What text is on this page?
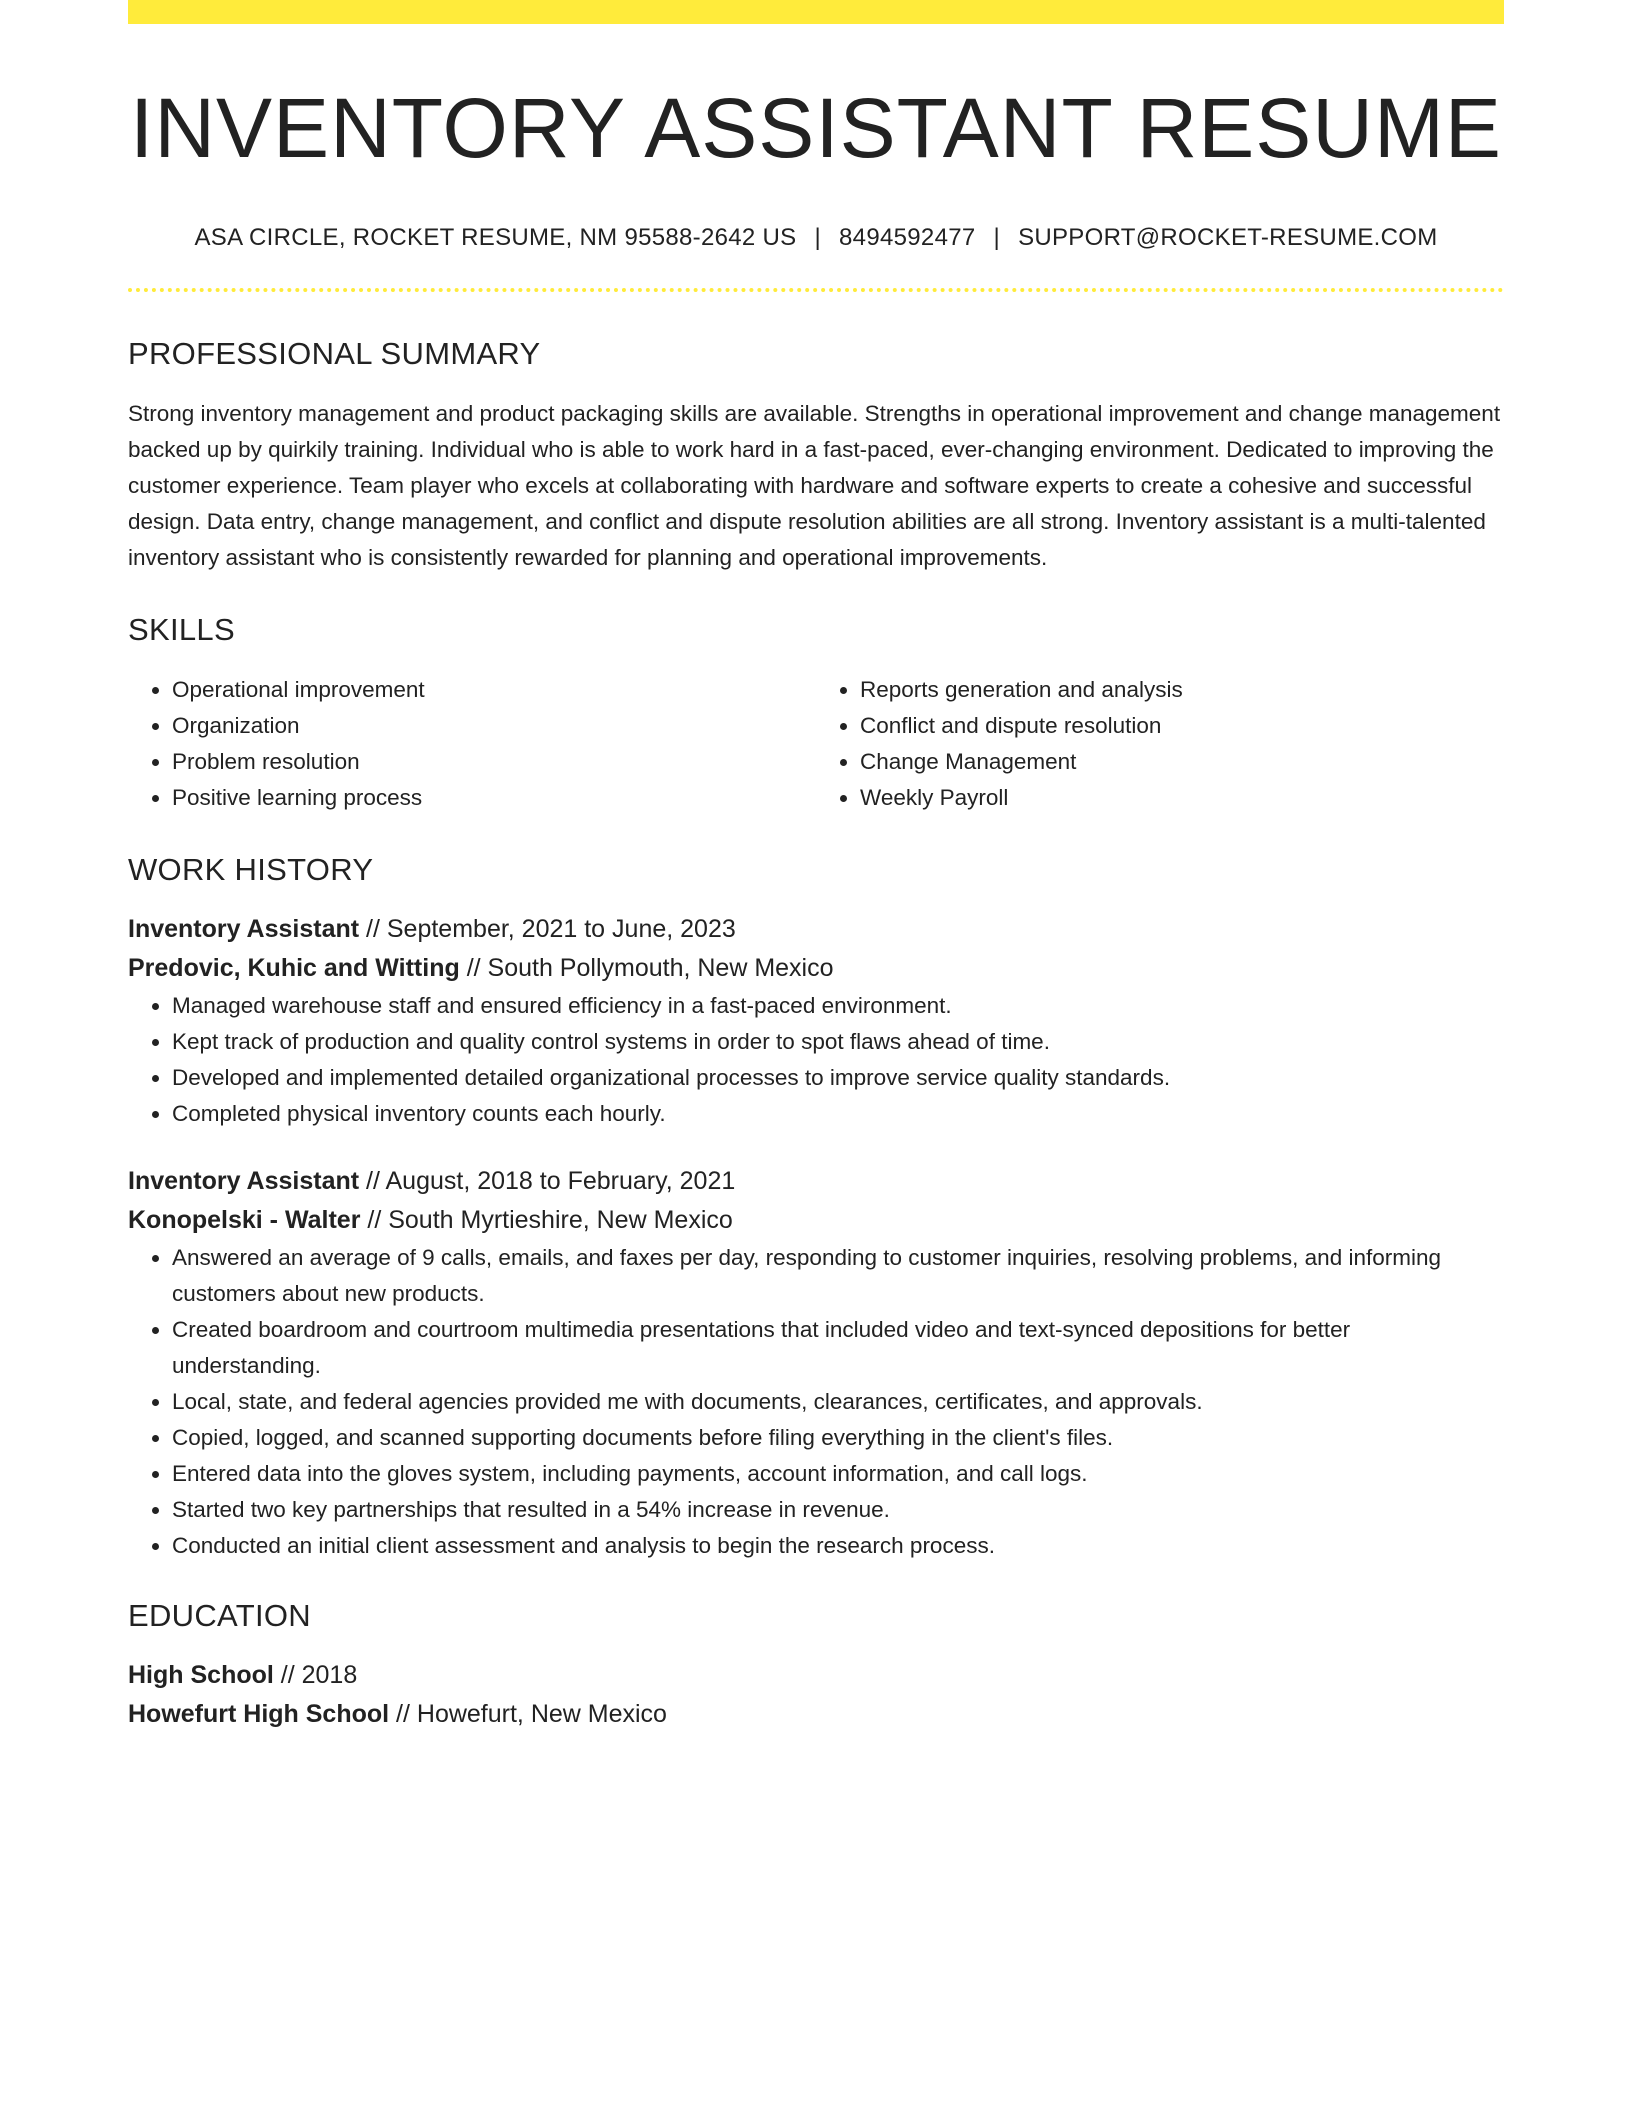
INVENTORY ASSISTANT RESUME
ASA CIRCLE, ROCKET RESUME, NM 95588-2642 US | 8494592477 | SUPPORT@ROCKET-RESUME.COM
PROFESSIONAL SUMMARY
Strong inventory management and product packaging skills are available. Strengths in operational improvement and change management backed up by quirkily training. Individual who is able to work hard in a fast-paced, ever-changing environment. Dedicated to improving the customer experience. Team player who excels at collaborating with hardware and software experts to create a cohesive and successful design. Data entry, change management, and conflict and dispute resolution abilities are all strong. Inventory assistant is a multi-talented inventory assistant who is consistently rewarded for planning and operational improvements.
SKILLS
• Operational improvement
• Organization
• Problem resolution
• Positive learning process
• Reports generation and analysis
• Conflict and dispute resolution
• Change Management
• Weekly Payroll
WORK HISTORY
Inventory Assistant // September, 2021 to June, 2023
Predovic, Kuhic and Witting // South Pollymouth, New Mexico
• Managed warehouse staff and ensured efficiency in a fast-paced environment.
• Kept track of production and quality control systems in order to spot flaws ahead of time.
• Developed and implemented detailed organizational processes to improve service quality standards.
• Completed physical inventory counts each hourly.
Inventory Assistant // August, 2018 to February, 2021
Konopelski - Walter // South Myrtieshire, New Mexico
• Answered an average of 9 calls, emails, and faxes per day, responding to customer inquiries, resolving problems, and informing customers about new products.
• Created boardroom and courtroom multimedia presentations that included video and text-synced depositions for better understanding.
• Local, state, and federal agencies provided me with documents, clearances, certificates, and approvals.
• Copied, logged, and scanned supporting documents before filing everything in the client's files.
• Entered data into the gloves system, including payments, account information, and call logs.
• Started two key partnerships that resulted in a 54% increase in revenue.
• Conducted an initial client assessment and analysis to begin the research process.
EDUCATION
High School // 2018
Howefurt High School // Howefurt, New Mexico
